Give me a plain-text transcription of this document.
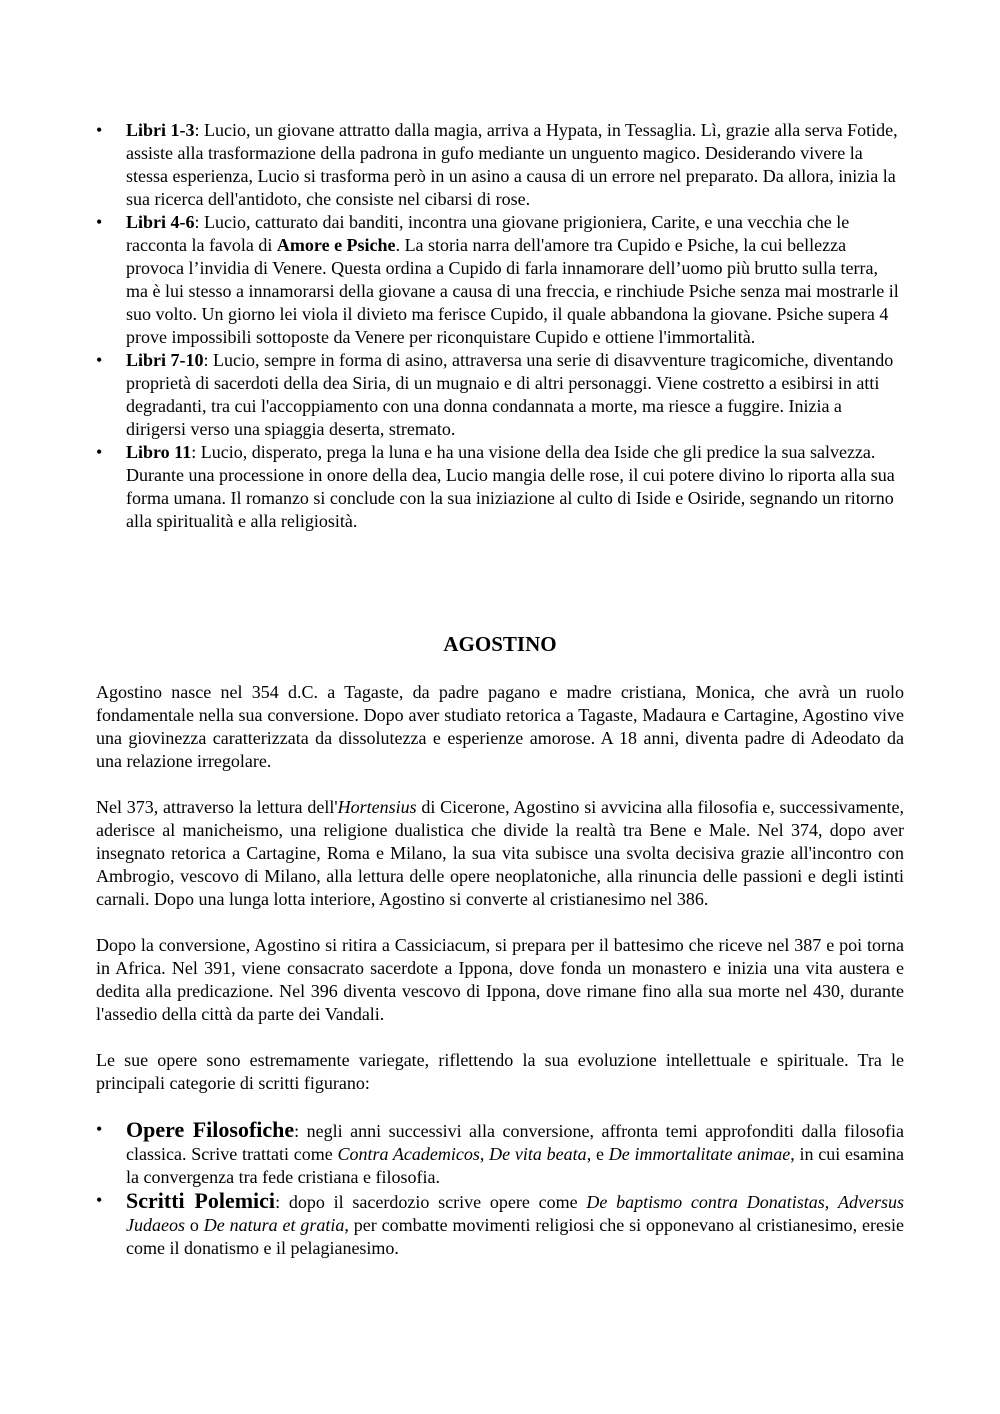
•	Libri 1-3: Lucio, un giovane attratto dalla magia, arriva a Hypata, in Tessaglia. Lì, grazie alla serva Fotide, assiste alla trasformazione della padrona in gufo mediante un unguento magico. Desiderando vivere la stessa esperienza, Lucio si trasforma però in un asino a causa di un errore nel preparato. Da allora, inizia la sua ricerca dell'antidoto, che consiste nel cibarsi di rose.
•	Libri 4-6: Lucio, catturato dai banditi, incontra una giovane prigioniera, Carite, e una vecchia che le racconta la favola di Amore e Psiche. La storia narra dell'amore tra Cupido e Psiche, la cui bellezza provoca l’invidia di Venere. Questa ordina a Cupido di farla innamorare dell’uomo più brutto sulla terra, ma è lui stesso a innamorarsi della giovane a causa di una freccia, e rinchiude Psiche senza mai mostrarle il suo volto. Un giorno lei viola il divieto ma ferisce Cupido, il quale abbandona la giovane. Psiche supera 4 prove impossibili sottoposte da Venere per riconquistare Cupido e ottiene l'immortalità.
•	Libri 7-10: Lucio, sempre in forma di asino, attraversa una serie di disavventure tragicomiche, diventando proprietà di sacerdoti della dea Siria, di un mugnaio e di altri personaggi. Viene costretto a esibirsi in atti degradanti, tra cui l'accoppiamento con una donna condannata a morte, ma riesce a fuggire. Inizia a dirigersi verso una spiaggia deserta, stremato.
•	Libro 11: Lucio, disperato, prega la luna e ha una visione della dea Iside che gli predice la sua salvezza. Durante una processione in onore della dea, Lucio mangia delle rose, il cui potere divino lo riporta alla sua forma umana. Il romanzo si conclude con la sua iniziazione al culto di Iside e Osiride, segnando un ritorno alla spiritualità e alla religiosità.
AGOSTINO

Agostino nasce nel 354 d.C. a Tagaste, da padre pagano e madre cristiana, Monica, che avrà un ruolo fondamentale nella sua conversione. Dopo aver studiato retorica a Tagaste, Madaura e Cartagine, Agostino vive una giovinezza caratterizzata da dissolutezza e esperienze amorose. A 18 anni, diventa padre di Adeodato da una relazione irregolare.

Nel 373, attraverso la lettura dell'Hortensius di Cicerone, Agostino si avvicina alla filosofia e, successivamente, aderisce al manicheismo, una religione dualistica che divide la realtà tra Bene e Male. Nel 374, dopo aver insegnato retorica a Cartagine, Roma e Milano, la sua vita subisce una svolta decisiva grazie all'incontro con Ambrogio, vescovo di Milano, alla lettura delle opere neoplatoniche, alla rinuncia delle passioni e degli istinti carnali. Dopo una lunga lotta interiore, Agostino si converte al cristianesimo nel 386.

Dopo la conversione, Agostino si ritira a Cassiciacum, si prepara per il battesimo che riceve nel 387 e poi torna in Africa. Nel 391, viene consacrato sacerdote a Ippona, dove fonda un monastero e inizia una vita austera e dedita alla predicazione. Nel 396 diventa vescovo di Ippona, dove rimane fino alla sua morte nel 430, durante l'assedio della città da parte dei Vandali.

Le sue opere sono estremamente variegate, riflettendo la sua evoluzione intellettuale e spirituale. Tra le principali categorie di scritti figurano:

•	Opere Filosofiche: negli anni successivi alla conversione, affronta temi approfonditi dalla filosofia classica. Scrive trattati come Contra Academicos, De vita beata, e De immortalitate animae, in cui esamina la convergenza tra fede cristiana e filosofia.
•	Scritti Polemici: dopo il sacerdozio scrive opere come De baptismo contra Donatistas, Adversus Judaeos o De natura et gratia, per combatte movimenti religiosi che si opponevano al cristianesimo, eresie come il donatismo e il pelagianesimo.
